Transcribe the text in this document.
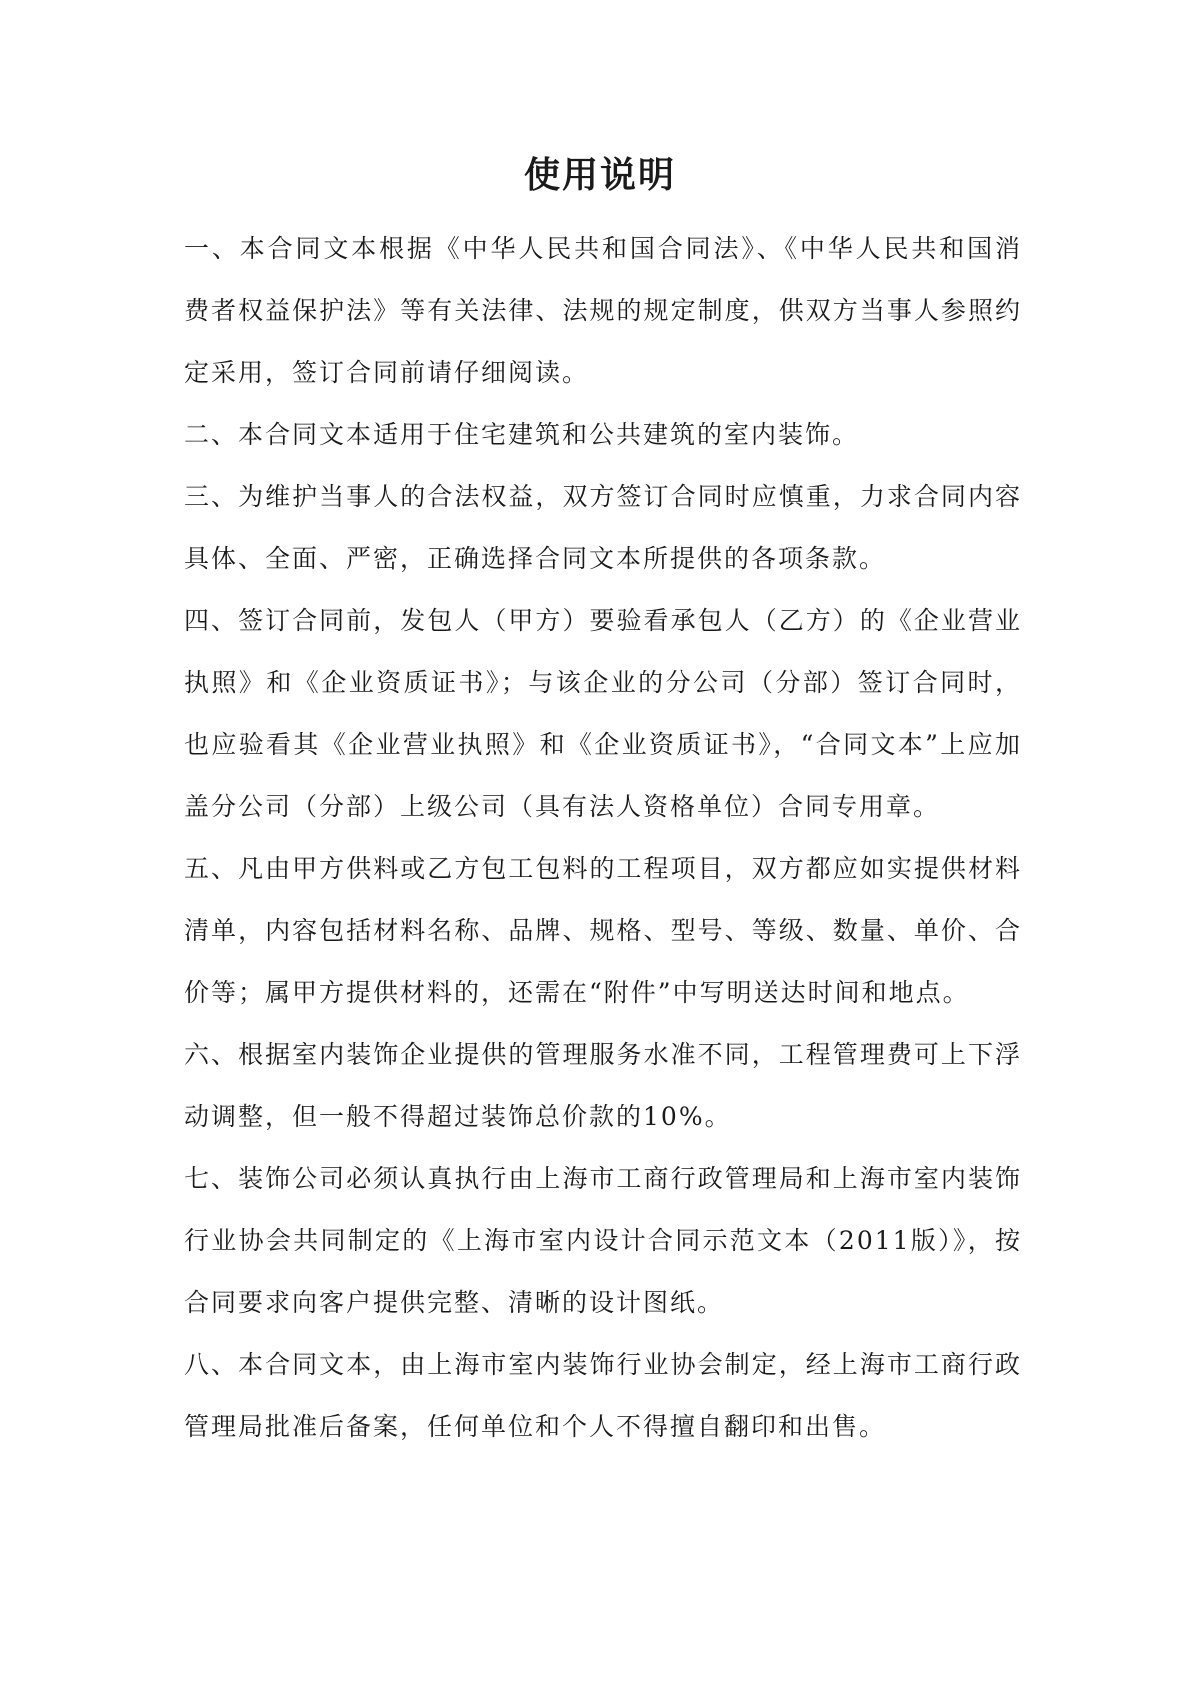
使用说明

一、本合同文本根据《中华人民共和国合同法》、《中华人民共和国消费者权益保护法》等有关法律、法规的规定制度，供双方当事人参照约定采用，签订合同前请仔细阅读。

二、本合同文本适用于住宅建筑和公共建筑的室内装饰。

三、为维护当事人的合法权益，双方签订合同时应慎重，力求合同内容具体、全面、严密，正确选择合同文本所提供的各项条款。

四、签订合同前，发包人（甲方）要验看承包人（乙方）的《企业营业执照》和《企业资质证书》；与该企业的分公司（分部）签订合同时，也应验看其《企业营业执照》和《企业资质证书》，“合同文本”上应加盖分公司（分部）上级公司（具有法人资格单位）合同专用章。

五、凡由甲方供料或乙方包工包料的工程项目，双方都应如实提供材料清单，内容包括材料名称、品牌、规格、型号、等级、数量、单价、合价等；属甲方提供材料的，还需在“附件”中写明送达时间和地点。

六、根据室内装饰企业提供的管理服务水准不同，工程管理费可上下浮动调整，但一般不得超过装饰总价款的10%。

七、装饰公司必须认真执行由上海市工商行政管理局和上海市室内装饰行业协会共同制定的《上海市室内设计合同示范文本（2011版）》，按合同要求向客户提供完整、清晰的设计图纸。

八、本合同文本，由上海市室内装饰行业协会制定，经上海市工商行政管理局批准后备案，任何单位和个人不得擅自翻印和出售。
